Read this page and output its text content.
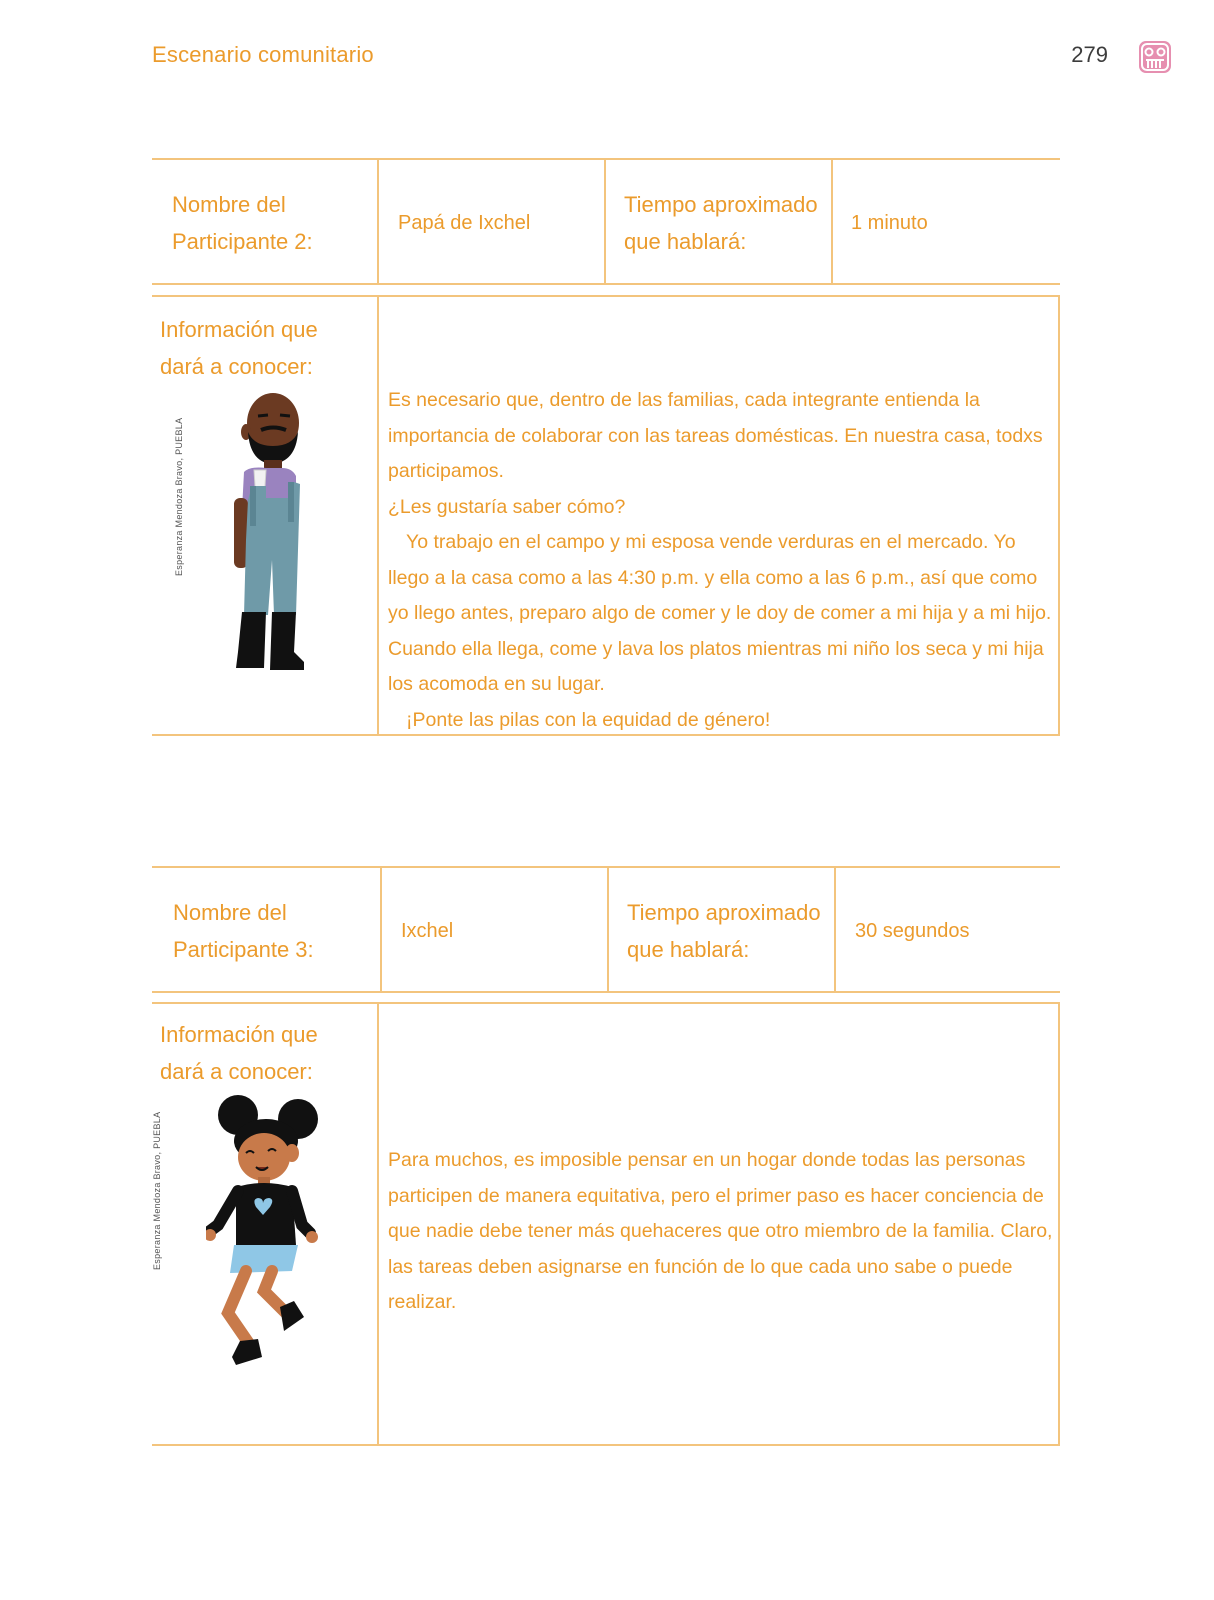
Escenario comunitario	279
Nombre del
Participante 2:
Papá de Ixchel
Tiempo aproximado
que hablará:
1 minuto
Información que
dará a conocer:
Esperanza Mendoza Bravo, PUEBLA

Es necesario que, dentro de las familias, cada integrante entienda la importancia de colaborar con las tareas domésticas. En nuestra casa, todxs participamos.

¿Les gustaría saber cómo?

Yo trabajo en el campo y mi esposa vende verduras en el mercado. Yo llego a la casa como a las 4:30 p.m. y ella como a las 6 p.m., así que como yo llego antes, preparo algo de comer y le doy de comer a mi hija y a mi hijo. Cuando ella llega, come y lava los platos mientras mi niño los seca y mi hija los acomoda en su lugar.

¡Ponte las pilas con la equidad de género!

Nombre del
Participante 3:
Ixchel
Tiempo aproximado
que hablará:
30 segundos
Información que
dará a conocer:
Esperanza Mendoza Bravo, PUEBLA	Para muchos, es imposible pensar en un hogar donde todas las personas participen de manera equitativa, pero el primer paso es hacer conciencia de que nadie debe tener más quehaceres que otro miembro de la familia. Claro, las tareas deben asignarse en función de lo que cada uno sabe o puede realizar.
